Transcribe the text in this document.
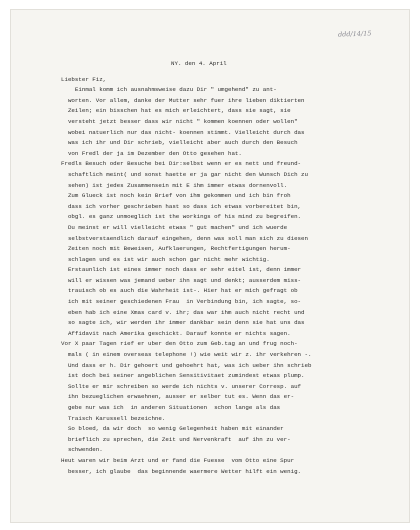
ddd/14/15
NY. den 4. April
Liebster Fiz,
Einmal komm ich ausnahmsweise dazu Dir " umgehend" zu ant-
worten. Vor allem, danke der Mutter sehr fuer ihre lieben diktierten
Zeilen; ein bisschen hat es mich erleichtert, dass sie sagt, sie
versteht jetzt besser dass wir nicht " kommen koennen oder wollen"
wobei natuerlich nur das nicht- koennen stimmt. Vielleicht durch das
was ich ihr und Dir schrieb, vielleicht aber auch durch den Besuch
von Fredl der ja im Dezember den Otto gesehen hat.
Fredls Besuch oder Besuche bei Dir:selbst wenn er es nett und freund-
schaftlich meint( und sonst haette er ja gar nicht den Wunsch Dich zu
sehen) ist jedes Zusammensein mit E ihm immer etwas dornenvoll.
Zum Glueck ist noch kein Brief von ihm gekommen und ich bin froh
dass ich vorher geschrieben hast so dass ich etwas vorbereitet bin,
obgl. es ganz unmoeglich ist the workings of his mind zu begreifen.
Du meinst er will vielleicht etwas " gut machen" und ich wuerde
selbstverstaendlich darauf eingehen, denn was soll man sich zu diesen
Zeiten noch mit Beweisen, Aufklaerungen, Rechtfertigungen herum-
schlagen und es ist wir auch schon gar nicht mehr wichtig.
Erstaunlich ist eines immer noch dass er sehr eitel ist, denn immer
will er wissen was jemand ueber ihn sagt und denkt; ausserdem miss-
trauisch ob es auch die Wahrheit ist-. Hier hat er mich gefragt ob
ich mit seiner geschiedenen Frau  in Verbindung bin, ich sagte, so-
eben hab ich eine Xmas card v. ihr; das war ihm auch nicht recht und
so sagte ich, wir werden ihr immer dankbar sein denn sie hat uns das
Affidavit nach Amerika geschickt. Darauf konnte er nichts sagen.
Vor X paar Tagen rief er uber den Otto zum Geb.tag an und frug noch-
mals ( in einem overseas telephone !) wie weit wir z. ihr verkehren -.
Und dass er h. Dir gehoert und gehoehrt hat, was ich ueber ihn schrieb
ist doch bei seiner angeblichen Sensitivitaet zumindest etwas plump.
Sollte er mir schreiben so werde ich nichts v. unserer Corresp. auf
ihn bezueglichen erwaehnen, ausser er selber tut es. Wenn das er-
gebe nur was ich  in anderen Situationen  schon lange als das
Traisch Karussell bezeichne.
So bloed, da wir doch  so wenig Gelegenheit haben mit einander
brieflich zu sprechen, die Zeit und Nervenkraft  auf ihn zu ver-
schwenden.
Heut waren wir beim Arzt und er fand die Fuesse  vom Otto eine Spur
besser, ich glaube  das beginnende waermere Wetter hilft ein wenig.
